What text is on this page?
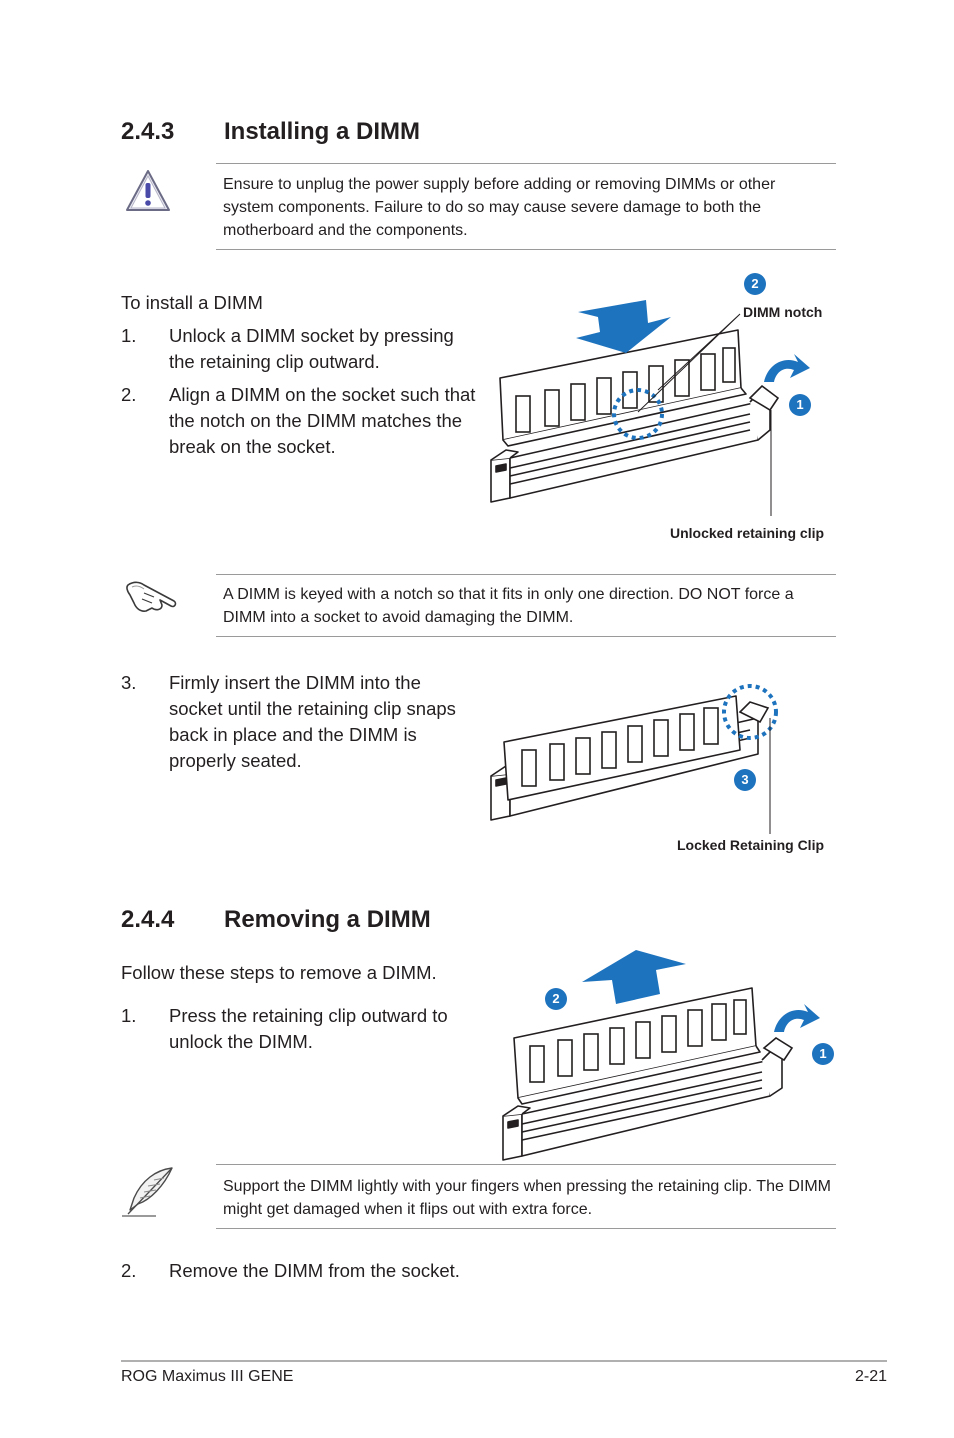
2.4.3 Installing a DIMM
Ensure to unplug the power supply before adding or removing DIMMs or other system components. Failure to do so may cause severe damage to both the motherboard and the components.
To install a DIMM
1. Unlock a DIMM socket by pressing the retaining clip outward.
2. Align a DIMM on the socket such that the notch on the DIMM matches the break on the socket.
2
DIMM notch
1
Unlocked retaining clip
A DIMM is keyed with a notch so that it fits in only one direction. DO NOT force a DIMM into a socket to avoid damaging the DIMM.
3. Firmly insert the DIMM into the socket until the retaining clip snaps back in place and the DIMM is properly seated.
3
Locked Retaining Clip
2.4.4 Removing a DIMM
Follow these steps to remove a DIMM.
1. Press the retaining clip outward to unlock the DIMM.
2
1
Support the DIMM lightly with your fingers when pressing the retaining clip. The DIMM might get damaged when it flips out with extra force.
2. Remove the DIMM from the socket.
ROG Maximus III GENE	2-21
